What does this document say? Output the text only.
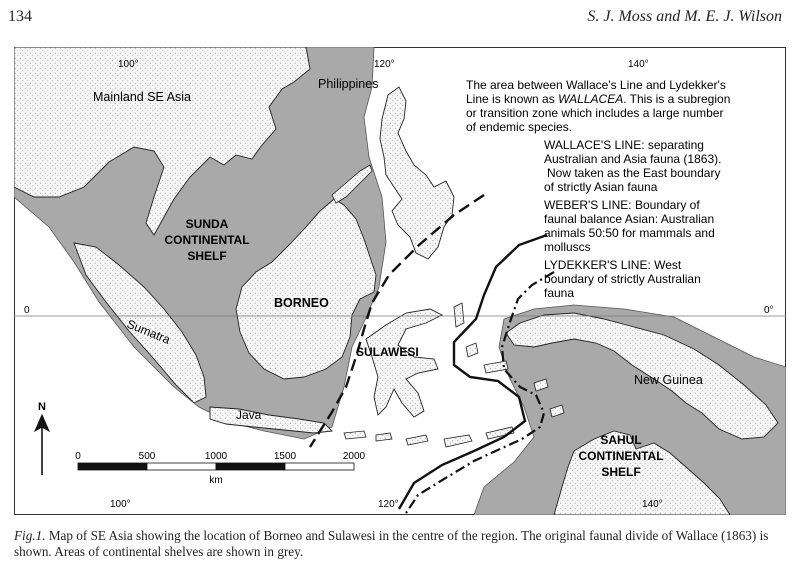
134	S. J. Moss and M. E. J. Wilson
100°	120°	140°
100°	120°	140°
0	0°
Mainland SE Asia
Philippines
SUNDA
CONTINENTAL
SHELF
BORNEO
Sumatra
SULAWESI
Java
New Guinea
SAHUL
CONTINENTAL
SHELF
The area between Wallace's Line and Lydekker's
Line is known as WALLACEA. This is a subregion
or transition zone which includes a large number
of endemic species.
WALLACE'S LINE: separating
Australian and Asia fauna (1863).
Now taken as the East boundary
of strictly Asian fauna
WEBER'S LINE: Boundary of
faunal balance Asian: Australian
animals 50:50 for mammals and
molluscs
LYDEKKER'S LINE: West
boundary of strictly Australian
fauna
N
0	500	1000	1500	2000
km
Fig.1. Map of SE Asia showing the location of Borneo and Sulawesi in the centre of the region. The original faunal divide of Wallace (1863) is shown. Areas of continental shelves are shown in grey.
